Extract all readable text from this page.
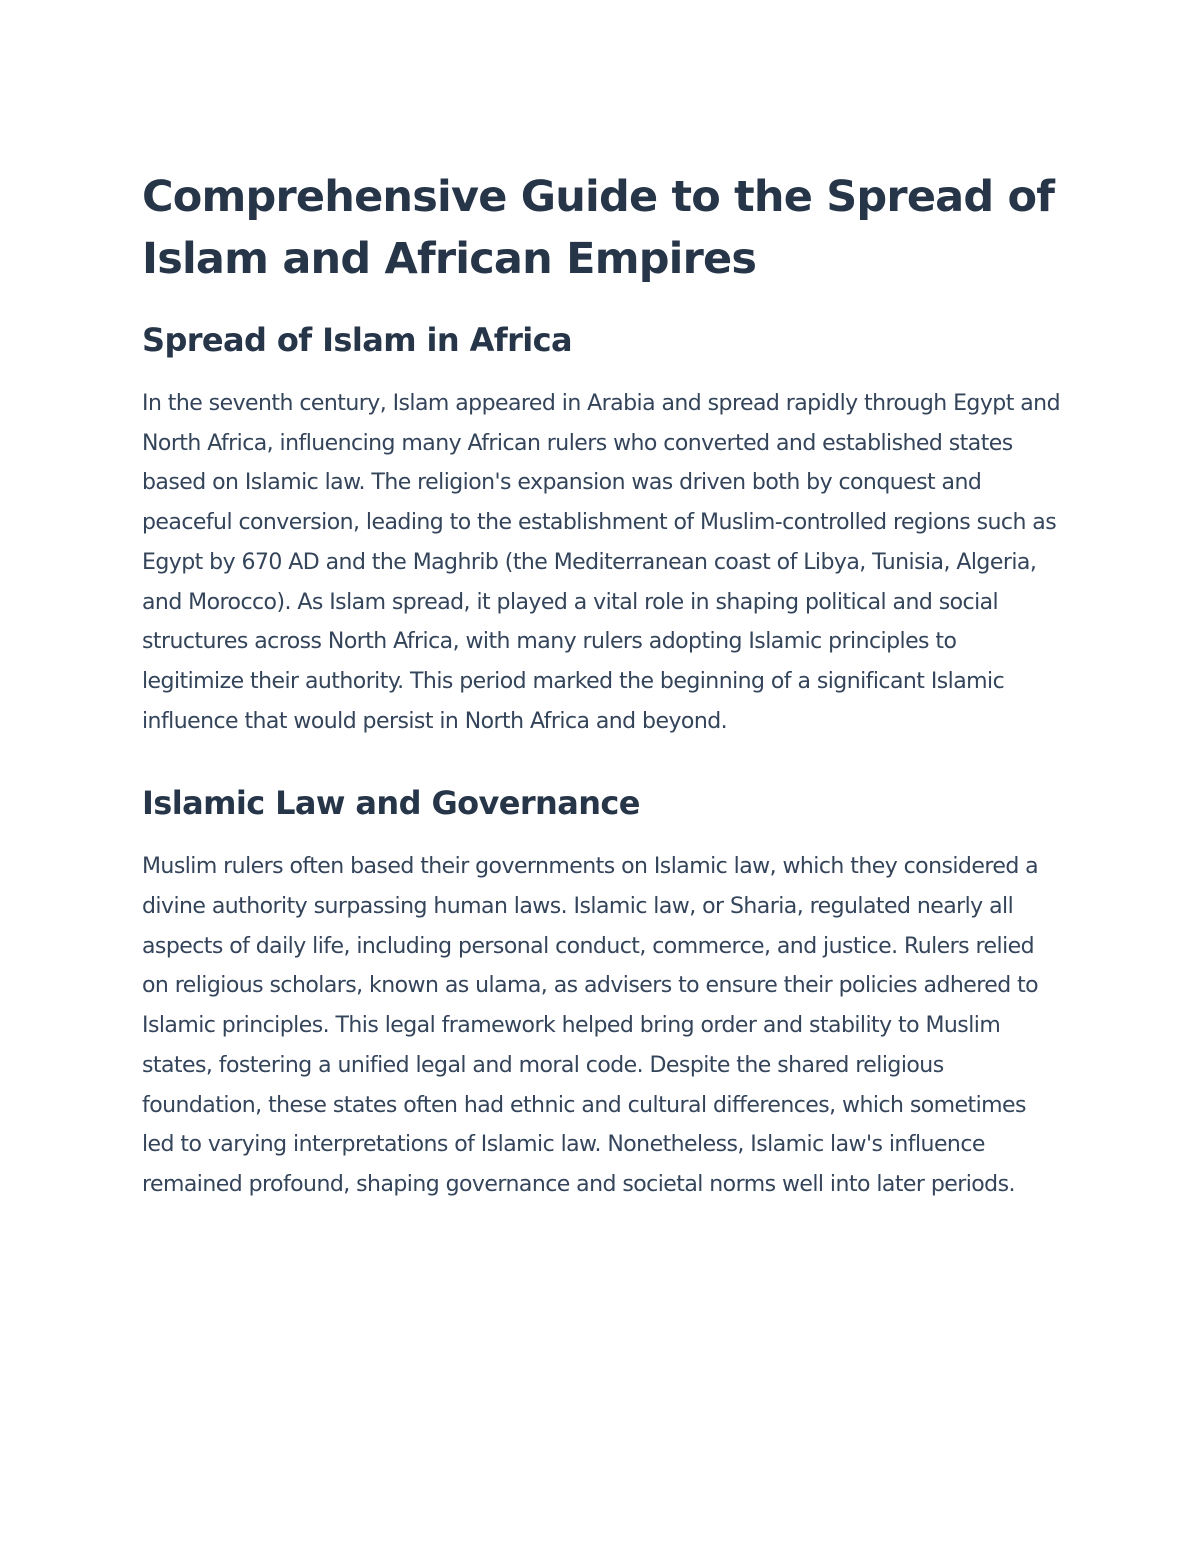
Comprehensive Guide to the Spread of Islam and African Empires
Spread of Islam in Africa

In the seventh century, Islam appeared in Arabia and spread rapidly through Egypt and North Africa, influencing many African rulers who converted and established states based on Islamic law. The religion's expansion was driven both by conquest and peaceful conversion, leading to the establishment of Muslim-controlled regions such as Egypt by 670 AD and the Maghrib (the Mediterranean coast of Libya, Tunisia, Algeria, and Morocco). As Islam spread, it played a vital role in shaping political and social structures across North Africa, with many rulers adopting Islamic principles to legitimize their authority. This period marked the beginning of a significant Islamic influence that would persist in North Africa and beyond.

Islamic Law and Governance

Muslim rulers often based their governments on Islamic law, which they considered a divine authority surpassing human laws. Islamic law, or Sharia, regulated nearly all aspects of daily life, including personal conduct, commerce, and justice. Rulers relied on religious scholars, known as ulama, as advisers to ensure their policies adhered to Islamic principles. This legal framework helped bring order and stability to Muslim states, fostering a unified legal and moral code. Despite the shared religious foundation, these states often had ethnic and cultural differences, which sometimes led to varying interpretations of Islamic law. Nonetheless, Islamic law's influence remained profound, shaping governance and societal norms well into later periods.
